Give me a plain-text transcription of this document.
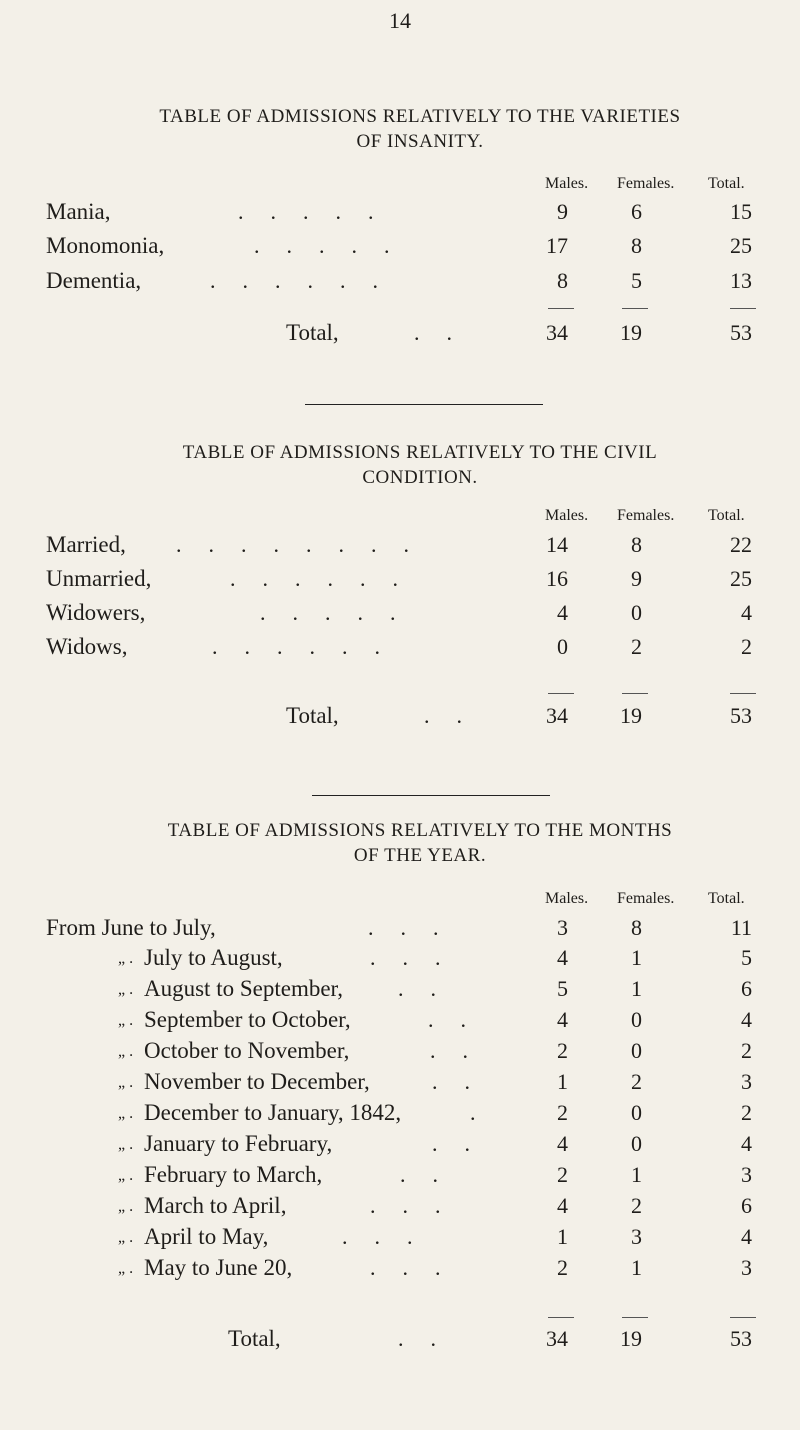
14
TABLE OF ADMISSIONS RELATIVELY TO THE VARIETIES
OF INSANITY.
Males. Females. Total.
Mania,	.....	9	6	15
Monomonia,	.....	17	8	25
Dementia,	......	8	5	13
Total,	..	34	19	53
TABLE OF ADMISSIONS RELATIVELY TO THE CIVIL
CONDITION.
Males. Females. Total.
Married, ........	14	8	22
Unmarried,	......	16	9	25
Widowers,	.....	4	0	4
Widows,	......	0	2	2
Total,	..	34	19	53
TABLE OF ADMISSIONS RELATIVELY TO THE MONTHS
OF THE YEAR.
Males. Females. Total.
From June to July,	...	3	8	11
„ . July to August,	...	4	1	5
„ . August to September, ..	5	1	6
„ . September to October,	..	4	0	4
„ . October to November,	..	2	0	2
„ . November to December,	..	1	2	3
„ . December to January, 1842,	.	2	0	2
„ . January to February,	..	4	0	4
„ . February to March,	..	2	1	3
„ . March to April,	...	4	2	6
„ . April to May,	...	1	3	4
„ . May to June 20,	...	2	1	3
Total,	..	34	19	53
